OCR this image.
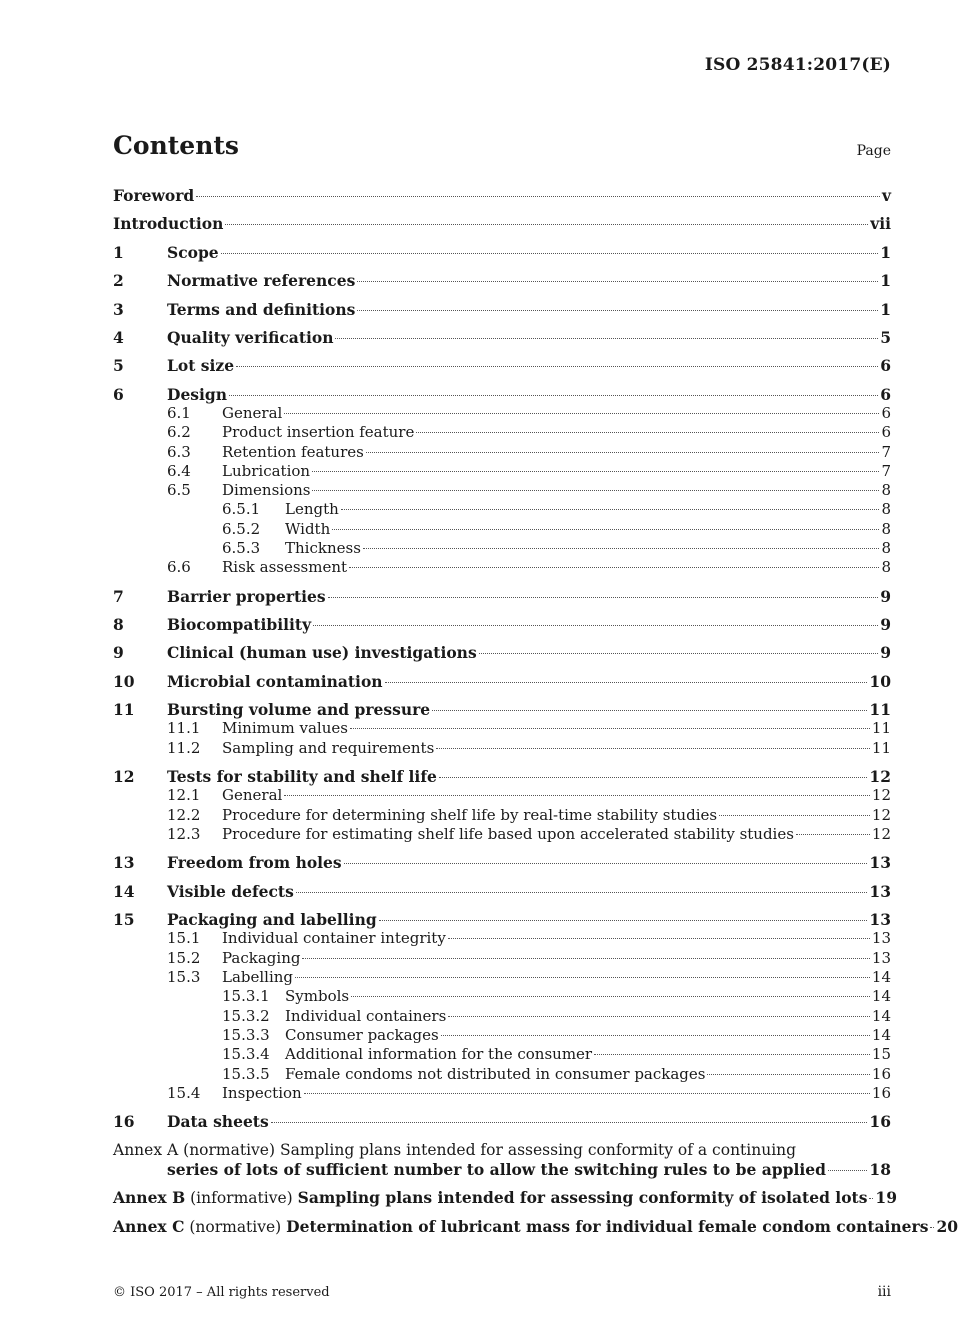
ISO 25841:2017(E)
Contents	Page
Foreword	v
Introduction	vii
1	Scope	1
2	Normative references	1
3	Terms and definitions	1
4	Quality verification	5
5	Lot size	6
6	Design	6
6.1	General	6
6.2	Product insertion feature	6
6.3	Retention features	7
6.4	Lubrication	7
6.5	Dimensions	8
6.5.1	Length	8
6.5.2	Width	8
6.5.3	Thickness	8
6.6	Risk assessment	8
7	Barrier properties	9
8	Biocompatibility	9
9	Clinical (human use) investigations	9
10	Microbial contamination	10
11	Bursting volume and pressure	11
11.1	Minimum values	11
11.2	Sampling and requirements	11
12	Tests for stability and shelf life	12
12.1	General	12
12.2	Procedure for determining shelf life by real-time stability studies	12
12.3	Procedure for estimating shelf life based upon accelerated stability studies	12
13	Freedom from holes	13
14	Visible defects	13
15	Packaging and labelling	13
15.1	Individual container integrity	13
15.2	Packaging	13
15.3	Labelling	14
15.3.1	Symbols	14
15.3.2	Individual containers	14
15.3.3	Consumer packages	14
15.3.4	Additional information for the consumer	15
15.3.5	Female condoms not distributed in consumer packages	16
15.4	Inspection	16
16	Data sheets	16
Annex A (normative) Sampling plans intended for assessing conformity of a continuing
series of lots of sufficient number to allow the switching rules to be applied	18
Annex B (informative) Sampling plans intended for assessing conformity of isolated lots 19
Annex C (normative) Determination of lubricant mass for individual female condom containers 20
© ISO 2017 – All rights reserved	iii
